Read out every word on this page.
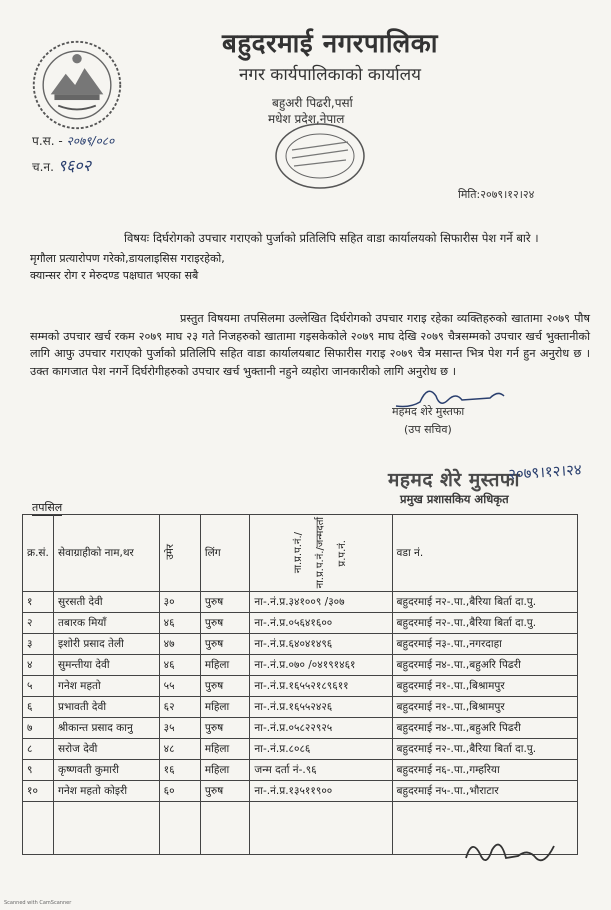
बहुदरमाई नगरपालिका
नगर कार्यपालिकाको कार्यालय
बहुअरी पिढरी,पर्सा
मधेश प्रदेश,नेपाल
प.स. - २०७९/०८०
च.न. ९६०२
मिति:२०७९।१२।२४
विषयः दिर्घरोगको उपचार गराएको पुर्जाको प्रतिलिपि सहित वाडा कार्यालयको सिफारीस पेश गर्ने बारे ।
मृगौला प्रत्यारोपण गरेको,डायलाइसिस गराइरहेको,
क्यान्सर रोग र मेरुदण्ड पक्षघात भएका सबै
प्रस्तुत विषयमा तपसिलमा उल्लेखित दिर्घरोगको उपचार गराइ रहेका व्यक्तिहरुको खातामा २०७९ पौष सम्मको उपचार खर्च रकम २०७९ माघ २३ गते निजहरुको खातामा गइसकेकोले २०७९ माघ देखि २०७९ चैत्रसम्मको उपचार खर्च भुक्तानीको लागि आफु उपचार गराएको पुर्जाको प्रतिलिपि सहित वाडा कार्यालयबाट सिफारीस गराइ २०७९ चैत्र मसान्त भित्र पेश गर्न हुन अनुरोध छ ।उक्त कागजात पेश नगर्ने दिर्घरोगीहरुको उपचार खर्च भुक्तानी नहुने व्यहोरा जानकारीको लागि अनुरोध छ ।
महमद शेरे मुस्तफा
(उप सचिव)
महमद शेरे मुस्तफा
२०७९।१२।२४
प्रमुख प्रशासकिय अधिकृत
तपसिल
क्र.सं.	सेवाग्राहीको नाम,थर	उमेर	लिंग	ना.प्र.प.नं./ ना.प्र.प.नं./जन्मदर्ता प्र.प.नं.	वडा नं.
१	सुरसती देवी	३०	पुरुष	ना-.नं.प्र.३४१००९ /३०७	बहुदरमाई न२-.पा.,बैरिया बिर्ता दा.पु.
२	तबारक मियाँ	४६	पुरुष	ना-.नं.प्र.०५६४१६००	बहुदरमाई न२-.पा.,बैरिया बिर्ता दा.पु.
३	इशोरी प्रसाद तेली	४७	पुरुष	ना-.नं.प्र.६४०४१४९६	बहुदरमाई न३-.पा.,नगरदाहा
४	सुमन्तीया देवी	४६	महिला	ना-.नं.प्र.०७० /०४१९१४६१	बहुदरमाई न४-.पा.,बहुअरि पिढरी
५	गनेश महतो	५५	पुरुष	ना-.नं.प्र.१६५५२१८९६११	बहुदरमाई न१-.पा.,बिश्रामपुर
६	प्रभावती देवी	६२	महिला	ना-.नं.प्र.१६५५२४२६	बहुदरमाई न१-.पा.,बिश्रामपुर
७	श्रीकान्त प्रसाद कानु	३५	पुरुष	ना-.नं.प्र.०५८२२९२५	बहुदरमाई न४-.पा.,बहुअरि पिढरी
८	सरोज देवी	४८	महिला	ना-.नं.प्र.८०८६	बहुदरमाई न२-.पा.,बैरिया बिर्ता दा.पु.
९	कृष्णवती कुमारी	१६	महिला	जन्म दर्ता नं-.९६	बहुदरमाई न६-.पा.,गम्हरिया
१०	गनेश महतो कोइरी	६०	पुरुष	ना-.नं.प्र.१३५११९००	बहुदरमाई न५-.पा.,भौराटार

Scanned with CamScanner
